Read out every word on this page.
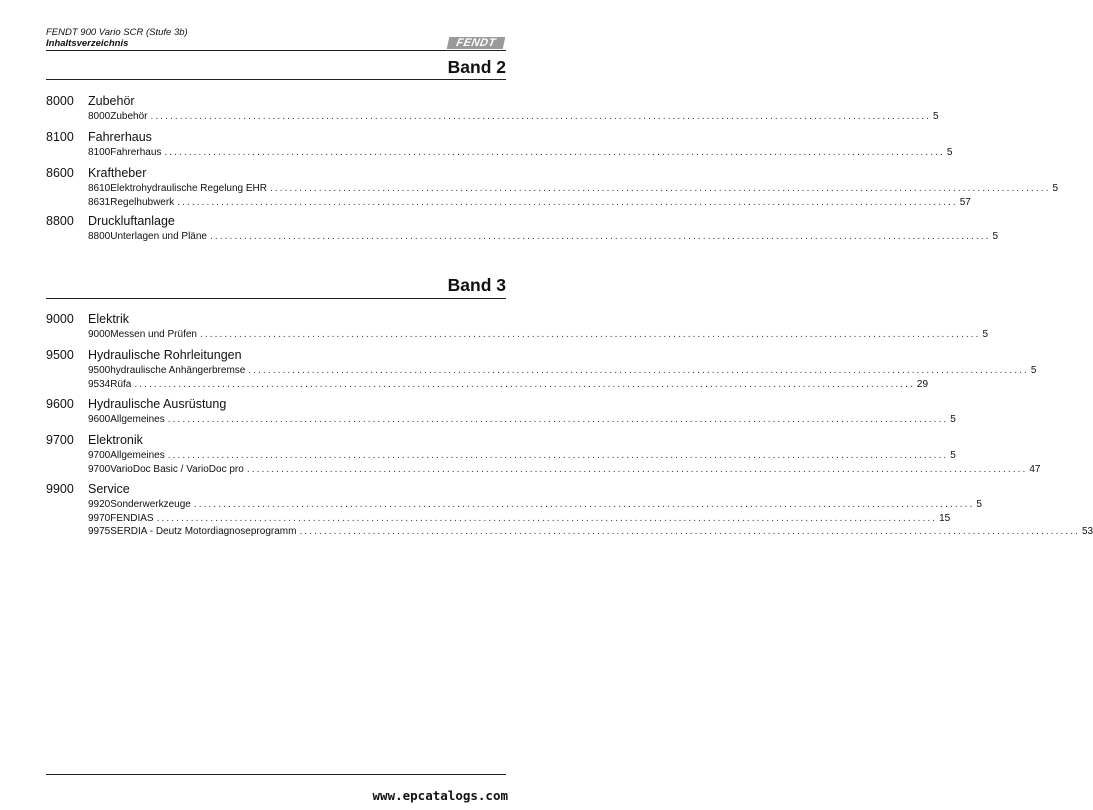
FENDT 900 Vario SCR (Stufe 3b)
Inhaltsverzeichnis	FENDT
Band 2
8000	Zubehör
8000 Zubehör ................................................................................................................................................................ 5
8100	Fahrerhaus
8100 Fahrerhaus ................................................................................................................................................................ 5
8600	Kraftheber
8610 Elektrohydraulische Regelung EHR ................................................................................................................................................................ 5
8631 Regelhubwerk ................................................................................................................................................................ 57
8800	Druckluftanlage
8800 Unterlagen und Pläne ................................................................................................................................................................ 5
Band 3
9000	Elektrik
9000 Messen und Prüfen ................................................................................................................................................................ 5
9500	Hydraulische Rohrleitungen
9500 hydraulische Anhängerbremse ................................................................................................................................................................ 5
9534 Rüfa ................................................................................................................................................................ 29
9600	Hydraulische Ausrüstung
9600 Allgemeines ................................................................................................................................................................ 5
9700	Elektronik
9700 Allgemeines ................................................................................................................................................................ 5
9700 VarioDoc Basic / VarioDoc pro ................................................................................................................................................................ 47
9900	Service
9920 Sonderwerkzeuge ................................................................................................................................................................ 5
9970 FENDIAS ................................................................................................................................................................ 15
9975 SERDIA - Deutz Motordiagnoseprogramm ................................................................................................................................................................ 53
www.epcatalogs.com
